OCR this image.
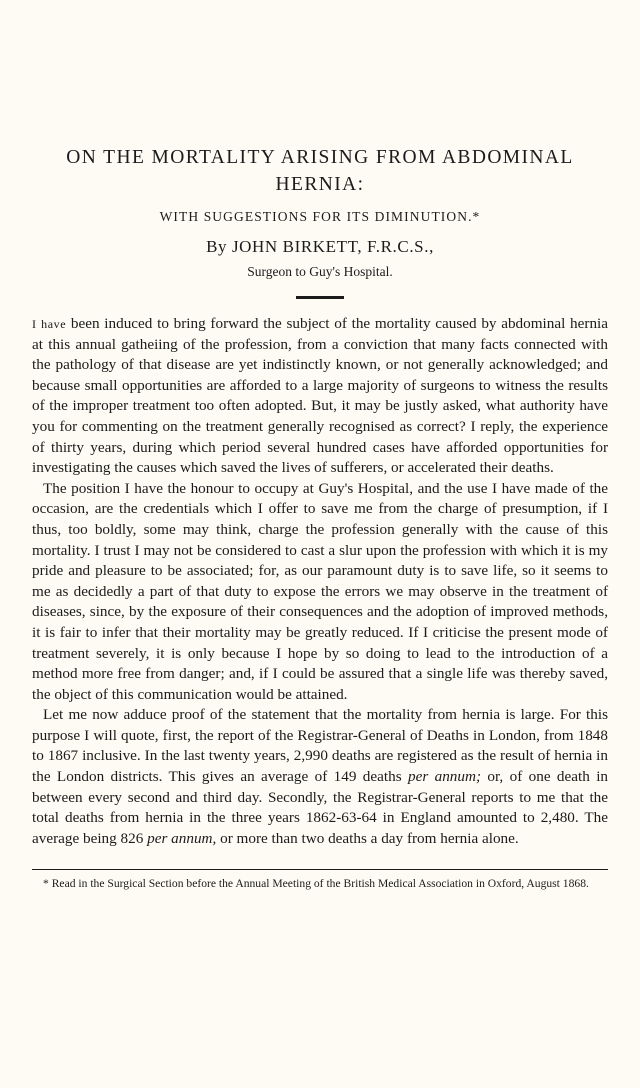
ON THE MORTALITY ARISING FROM ABDOMINAL HERNIA:
WITH SUGGESTIONS FOR ITS DIMINUTION.*
By JOHN BIRKETT, F.R.C.S.,
Surgeon to Guy's Hospital.

I have been induced to bring forward the subject of the mortality caused by abdominal hernia at this annual gatheiing of the profession, from a conviction that many facts connected with the pathology of that disease are yet indistinctly known, or not generally acknowledged; and because small opportunities are afforded to a large majority of surgeons to witness the results of the improper treatment too often adopted. But, it may be justly asked, what authority have you for commenting on the treatment generally recognised as correct? I reply, the experience of thirty years, during which period several hundred cases have afforded opportunities for investigating the causes which saved the lives of sufferers, or accelerated their deaths.

The position I have the honour to occupy at Guy's Hospital, and the use I have made of the occasion, are the credentials which I offer to save me from the charge of presumption, if I thus, too boldly, some may think, charge the profession generally with the cause of this mortality. I trust I may not be considered to cast a slur upon the profession with which it is my pride and pleasure to be associated; for, as our paramount duty is to save life, so it seems to me as decidedly a part of that duty to expose the errors we may observe in the treatment of diseases, since, by the exposure of their consequences and the adoption of improved methods, it is fair to infer that their mortality may be greatly reduced. If I criticise the present mode of treatment severely, it is only because I hope by so doing to lead to the introduction of a method more free from danger; and, if I could be assured that a single life was thereby saved, the object of this communication would be attained.

Let me now adduce proof of the statement that the mortality from hernia is large. For this purpose I will quote, first, the report of the Registrar-General of Deaths in London, from 1848 to 1867 inclusive. In the last twenty years, 2,990 deaths are registered as the result of hernia in the London districts. This gives an average of 149 deaths per annum; or, of one death in between every second and third day. Secondly, the Registrar-General reports to me that the total deaths from hernia in the three years 1862-63-64 in England amounted to 2,480. The average being 826 per annum, or more than two deaths a day from hernia alone.

* Read in the Surgical Section before the Annual Meeting of the British Medical Association in Oxford, August 1868.
